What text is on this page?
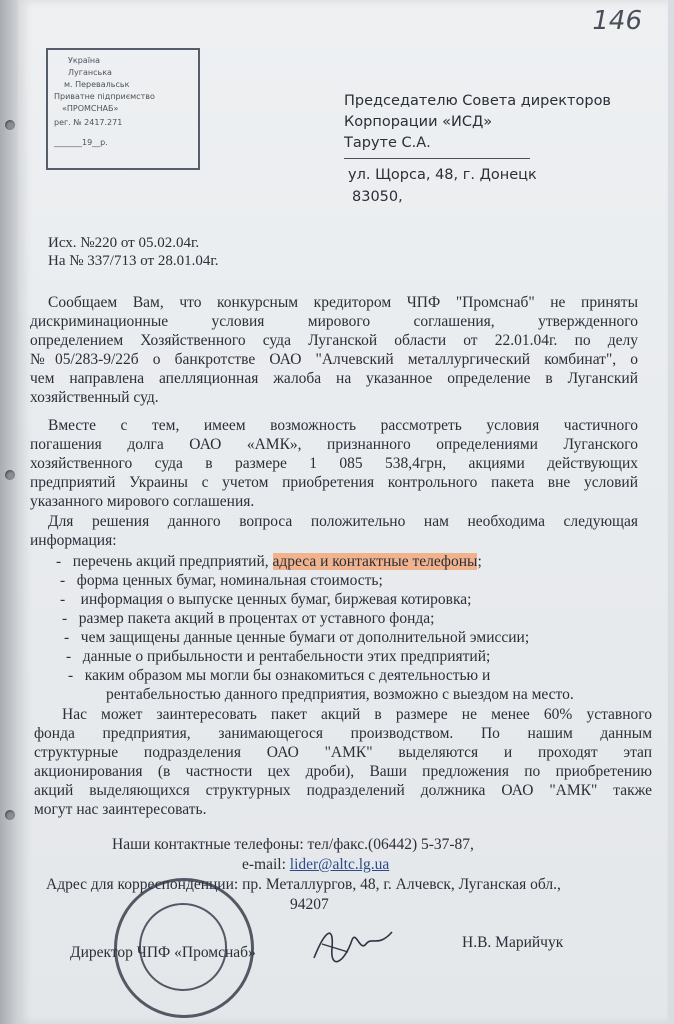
146
Україна
Луганська
м. Перевальськ
Приватне підприємство
«ПРОМСНАБ»
рег. № 2417.271
_______19__р.
Председателю Совета директоров
Корпорации «ИСД»
Таруте С.А.
ул. Щорса, 48, г. Донецк
83050,
Исх. №220 от 05.02.04г.
На № 337/713 от 28.01.04г.
Сообщаем Вам, что конкурсным кредитором ЧПФ "Промснаб" не приняты
дискриминационные условия мирового соглашения, утвержденного
определением Хозяйственного суда Луганской области от 22.01.04г. по делу
№05/283-9/22б о банкротстве ОАО "Алчевский металлургический комбинат", о
чем направлена апелляционная жалоба на указанное определение в Луганский
хозяйственный суд.
Вместе с тем, имеем возможность рассмотреть условия частичного
погашения долга ОАО «АМК», признанного определениями Луганского
хозяйственного суда в размере 1 085 538,4грн, акциями действующих
предприятий Украины с учетом приобретения контрольного пакета вне условий
указанного мирового соглашения.
Для решения данного вопроса положительно нам необходима следующая
информация:
-   перечень акций предприятий, адреса и контактные телефоны;
-   форма ценных бумаг, номинальная стоимость;
-    информация о выпуске ценных бумаг, биржевая котировка;
-   размер пакета акций в процентах от уставного фонда;
-   чем защищены данные ценные бумаги от дополнительной эмиссии;
-   данные о прибыльности и рентабельности этих предприятий;
-   каким образом мы могли бы ознакомиться с деятельностью и
рентабельностью данного предприятия, возможно с выездом на место.
Нас может заинтересовать пакет акций в размере не менее 60% уставного
фонда предприятия, занимающегося производством. По нашим данным
структурные подразделения ОАО "АМК" выделяются и проходят этап
акционирования (в частности цех дроби), Ваши предложения по приобретению
акций выделяющихся структурных подразделений должника ОАО "АМК" также
могут нас заинтересовать.
Наши контактные телефоны: тел/факс.(06442) 5-37-87,
e-mail: lider@altc.lg.ua
Адрес для корреспонденции: пр. Металлургов, 48, г. Алчевск, Луганская обл.,
94207
Директор ЧПФ «Промснаб»
Н.В. Марийчук
